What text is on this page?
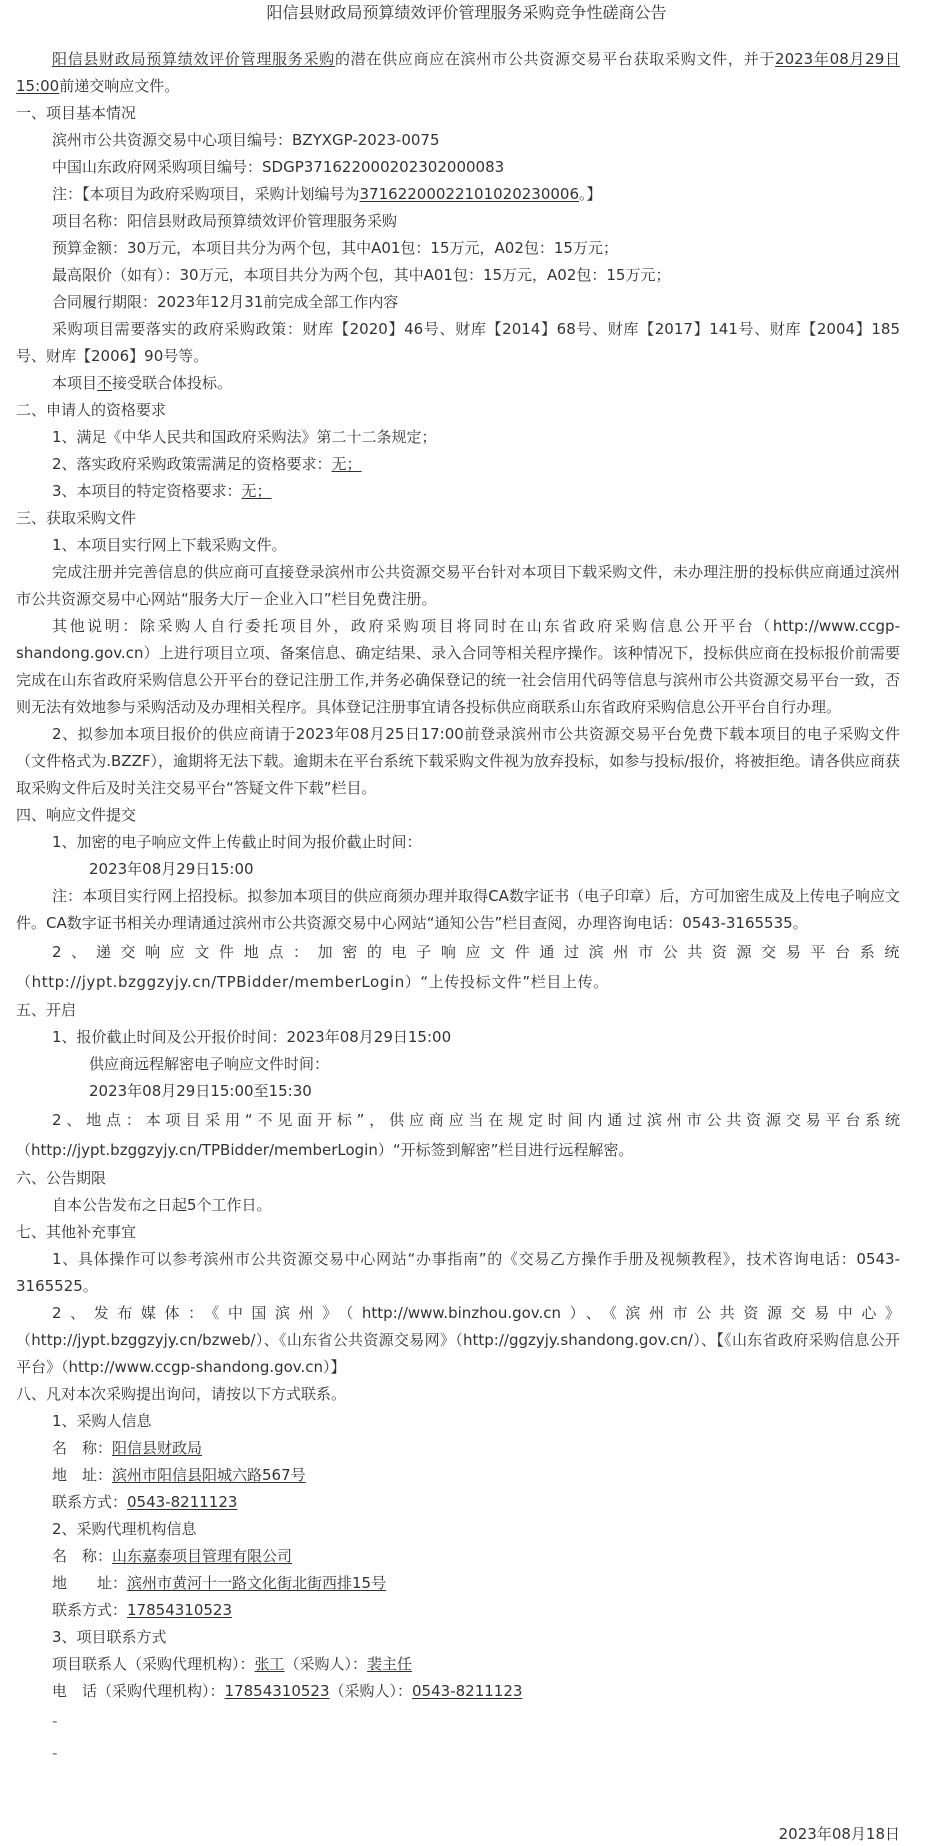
阳信县财政局预算绩效评价管理服务采购竞争性磋商公告

阳信县财政局预算绩效评价管理服务采购的潜在供应商应在滨州市公共资源交易平台获取采购文件，并于2023年08月29日15:00前递交响应文件。

一、项目基本情况

滨州市公共资源交易中心项目编号：BZYXGP-2023-0075

中国山东政府网采购项目编号：SDGP371622000202302000083

注：【本项目为政府采购项目，采购计划编号为37162200022101020230006。】

项目名称：阳信县财政局预算绩效评价管理服务采购

预算金额：30万元，本项目共分为两个包，其中A01包：15万元，A02包：15万元；

最高限价（如有）：30万元，本项目共分为两个包，其中A01包：15万元，A02包：15万元；

合同履行期限：2023年12月31前完成全部工作内容

采购项目需要落实的政府采购政策：财库【2020】46号、财库【2014】68号、财库【2017】141号、财库【2004】185号、财库【2006】90号等。

本项目不接受联合体投标。

二、申请人的资格要求

1、满足《中华人民共和国政府采购法》第二十二条规定；

2、落实政府采购政策需满足的资格要求：无；

3、本项目的特定资格要求：无；

三、获取采购文件

1、本项目实行网上下载采购文件。

完成注册并完善信息的供应商可直接登录滨州市公共资源交易平台针对本项目下载采购文件，未办理注册的投标供应商通过滨州市公共资源交易中心网站“服务大厅－企业入口”栏目免费注册。

其他说明：除采购人自行委托项目外，政府采购项目将同时在山东省政府采购信息公开平台（http://www.ccgp-shandong.gov.cn）上进行项目立项、备案信息、确定结果、录入合同等相关程序操作。该种情况下，投标供应商在投标报价前需要完成在山东省政府采购信息公开平台的登记注册工作,并务必确保登记的统一社会信用代码等信息与滨州市公共资源交易平台一致，否则无法有效地参与采购活动及办理相关程序。具体登记注册事宜请各投标供应商联系山东省政府采购信息公开平台自行办理。

2、拟参加本项目报价的供应商请于2023年08月25日17:00前登录滨州市公共资源交易平台免费下载本项目的电子采购文件（文件格式为.BZZF），逾期将无法下载。逾期未在平台系统下载采购文件视为放弃投标，如参与投标/报价，将被拒绝。请各供应商获取采购文件后及时关注交易平台“答疑文件下载”栏目。

四、响应文件提交

1、加密的电子响应文件上传截止时间为报价截止时间：

2023年08月29日15:00

注：本项目实行网上招投标。拟参加本项目的供应商须办理并取得CA数字证书（电子印章）后，方可加密生成及上传电子响应文件。CA数字证书相关办理请通过滨州市公共资源交易中心网站“通知公告”栏目查阅，办理咨询电话：0543-3165535。

2、递交响应文件地点：加密的电子响应文件通过滨州市公共资源交易平台系统（http://jypt.bzggzyjy.cn/TPBidder/memberLogin）“上传投标文件”栏目上传。

五、开启

1、报价截止时间及公开报价时间：2023年08月29日15:00

供应商远程解密电子响应文件时间：

2023年08月29日15:00至15:30

2、地点：本项目采用“不见面开标”，供应商应当在规定时间内通过滨州市公共资源交易平台系统（http://jypt.bzggzyjy.cn/TPBidder/memberLogin）“开标签到解密”栏目进行远程解密。

六、公告期限

自本公告发布之日起5个工作日。

七、其他补充事宜

1、具体操作可以参考滨州市公共资源交易中心网站“办事指南”的《交易乙方操作手册及视频教程》，技术咨询电话：0543-3165525。

2、发布媒体：《中国滨州》（http://www.binzhou.gov.cn）、《滨州市公共资源交易中心》（http://jypt.bzggzyjy.cn/bzweb/）、《山东省公共资源交易网》（http://ggzyjy.shandong.gov.cn/）、【《山东省政府采购信息公开平台》（http://www.ccgp-shandong.gov.cn）】

八、凡对本次采购提出询问，请按以下方式联系。

1、采购人信息

名　称：阳信县财政局

地　址：滨州市阳信县阳城六路567号

联系方式：0543-8211123

2、采购代理机构信息

名　称：山东嘉泰项目管理有限公司

地　　址：滨州市黄河十一路文化街北街西排15号

联系方式：17854310523

3、项目联系方式

项目联系人（采购代理机构）：张工（采购人）：裴主任

电　话（采购代理机构）：17854310523（采购人）：0543-8211123

-

-

2023年08月18日
